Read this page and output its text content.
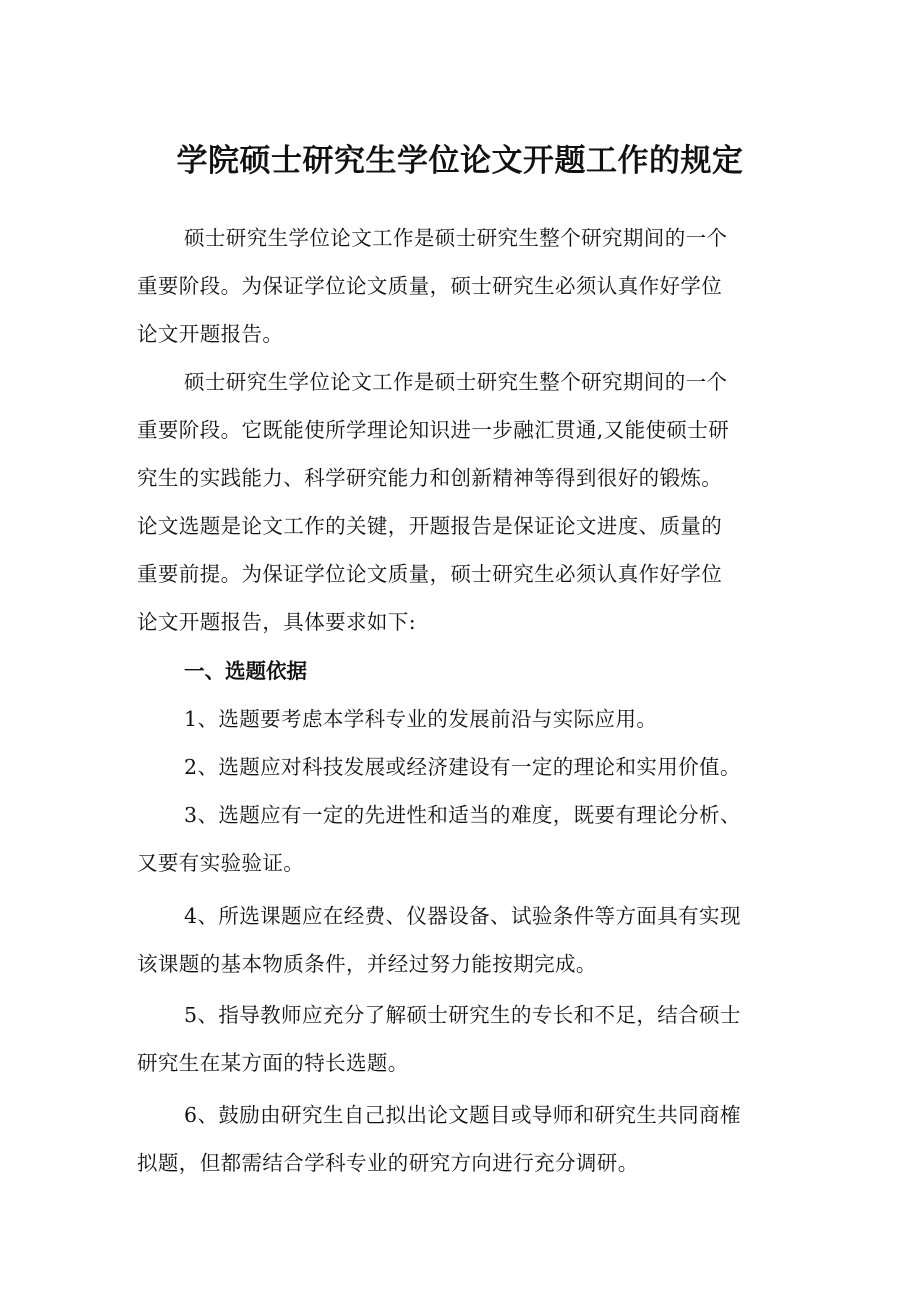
学院硕士研究生学位论文开题工作的规定
硕士研究生学位论文工作是硕士研究生整个研究期间的一个
重要阶段。为保证学位论文质量，硕士研究生必须认真作好学位
论文开题报告。
硕士研究生学位论文工作是硕士研究生整个研究期间的一个
重要阶段。它既能使所学理论知识进一步融汇贯通,又能使硕士研
究生的实践能力、科学研究能力和创新精神等得到很好的锻炼。
论文选题是论文工作的关键，开题报告是保证论文进度、质量的
重要前提。为保证学位论文质量，硕士研究生必须认真作好学位
论文开题报告，具体要求如下:
一、选题依据
1、选题要考虑本学科专业的发展前沿与实际应用。
2、选题应对科技发展或经济建设有一定的理论和实用价值。
3、选题应有一定的先进性和适当的难度，既要有理论分析、
又要有实验验证。
4、所选课题应在经费、仪器设备、试验条件等方面具有实现
该课题的基本物质条件，并经过努力能按期完成。
5、指导教师应充分了解硕士研究生的专长和不足，结合硕士
研究生在某方面的特长选题。
6、鼓励由研究生自己拟出论文题目或导师和研究生共同商榷
拟题，但都需结合学科专业的研究方向进行充分调研。
